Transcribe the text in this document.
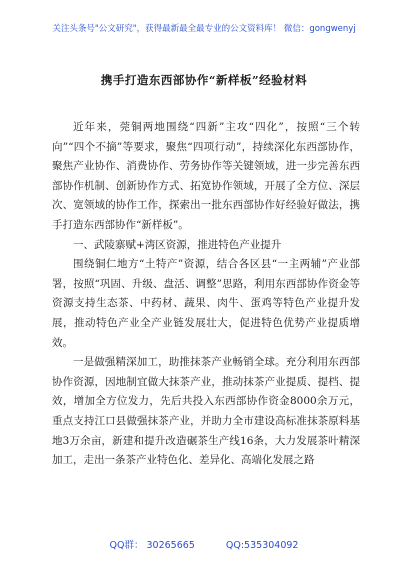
关注头条号"公文研究"，获得最新最全最专业的公文资料库！ 微信：gongwenyj
携手打造东西部协作“新样板”经验材料

近年来，莞铜两地围绕“四新”主攻“四化”，按照“三个转向”“四个不摘”等要求，聚焦“四项行动”，持续深化东西部协作，聚焦产业协作、消费协作、劳务协作等关键领域，进一步完善东西部协作机制、创新协作方式、拓宽协作领域，开展了全方位、深层次、宽领域的协作工作，探索出一批东西部协作好经验好做法，携手打造东西部协作“新样板”。

一、武陵寨赋+湾区资源，推进特色产业提升

围绕铜仁地方“土特产”资源，结合各区县“一主两辅”产业部署，按照“巩固、升级、盘活、调整”思路，利用东西部协作资金等资源支持生态茶、中药材、蔬果、肉牛、蛋鸡等特色产业提升发展，推动特色产业全产业链发展壮大，促进特色优势产业提质增效。

一是做强精深加工，助推抹茶产业畅销全球。充分利用东西部协作资源，因地制宜做大抹茶产业，推动抹茶产业提质、提档、提效，增加全方位发力，先后共投入东西部协作资金8000余万元，重点支持江口县做强抹茶产业，并助力全市建设高标准抹茶原料基地3万余亩，新建和提升改造碾茶生产线16条，大力发展茶叶精深加工，走出一条茶产业特色化、差异化、高端化发展之路

QQ群： 30265665	QQ:535304092
